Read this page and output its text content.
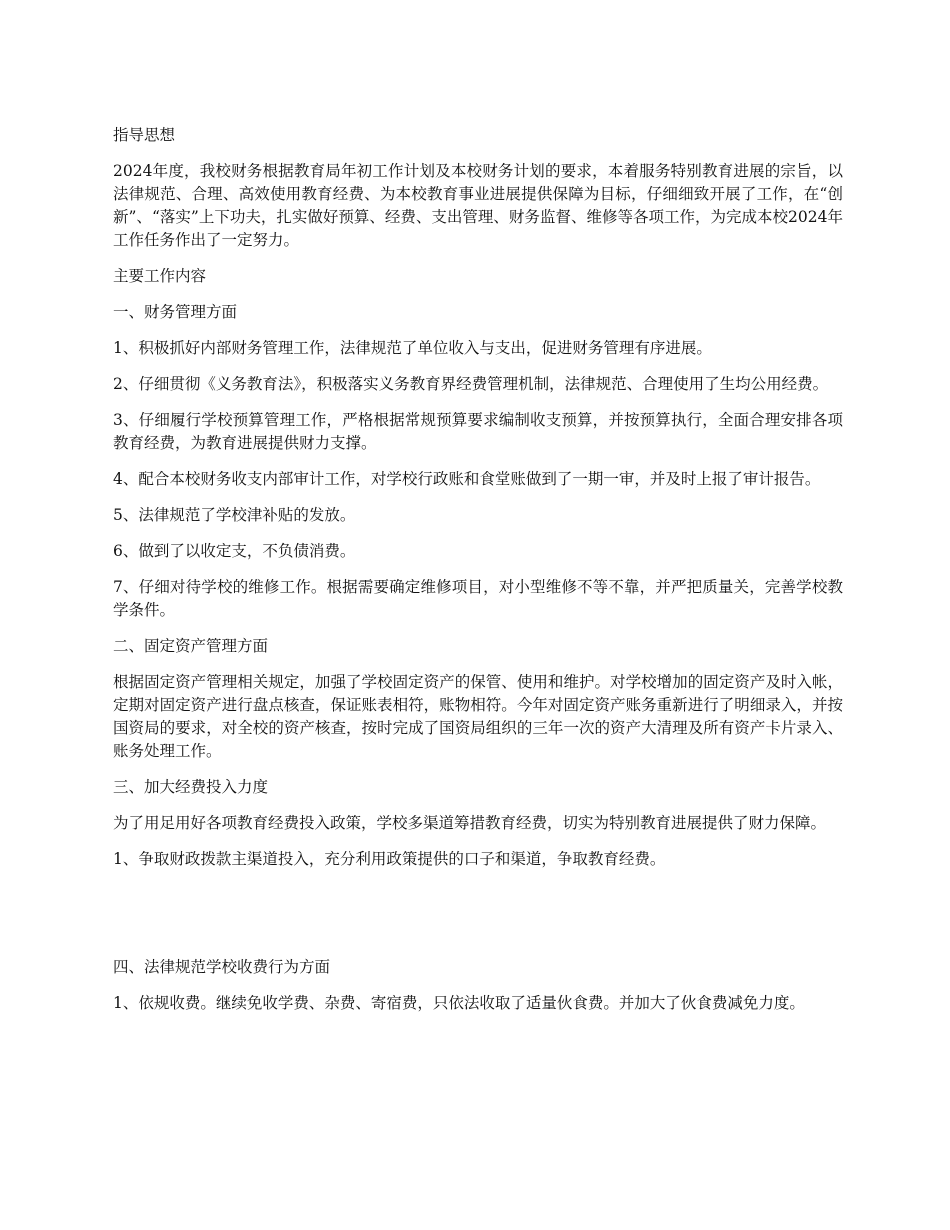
指导思想

2024年度，我校财务根据教育局年初工作计划及本校财务计划的要求，本着服务特别教育进展的宗旨，以法律规范、合理、高效使用教育经费、为本校教育事业进展提供保障为目标，仔细细致开展了工作，在“创新”、“落实”上下功夫，扎实做好预算、经费、支出管理、财务监督、维修等各项工作，为完成本校2024年工作任务作出了一定努力。

主要工作内容

一、财务管理方面

1、积极抓好内部财务管理工作，法律规范了单位收入与支出，促进财务管理有序进展。

2、仔细贯彻《义务教育法》，积极落实义务教育界经费管理机制，法律规范、合理使用了生均公用经费。

3、仔细履行学校预算管理工作，严格根据常规预算要求编制收支预算，并按预算执行，全面合理安排各项教育经费，为教育进展提供财力支撑。

4、配合本校财务收支内部审计工作，对学校行政账和食堂账做到了一期一审，并及时上报了审计报告。

5、法律规范了学校津补贴的发放。

6、做到了以收定支，不负债消费。

7、仔细对待学校的维修工作。根据需要确定维修项目，对小型维修不等不靠，并严把质量关，完善学校教学条件。

二、固定资产管理方面

根据固定资产管理相关规定，加强了学校固定资产的保管、使用和维护。对学校增加的固定资产及时入帐，定期对固定资产进行盘点核查，保证账表相符，账物相符。今年对固定资产账务重新进行了明细录入，并按国资局的要求，对全校的资产核查，按时完成了国资局组织的三年一次的资产大清理及所有资产卡片录入、账务处理工作。

三、加大经费投入力度

为了用足用好各项教育经费投入政策，学校多渠道筹措教育经费，切实为特别教育进展提供了财力保障。

1、争取财政拨款主渠道投入，充分利用政策提供的口子和渠道，争取教育经费。

四、法律规范学校收费行为方面

1、依规收费。继续免收学费、杂费、寄宿费，只依法收取了适量伙食费。并加大了伙食费减免力度。
